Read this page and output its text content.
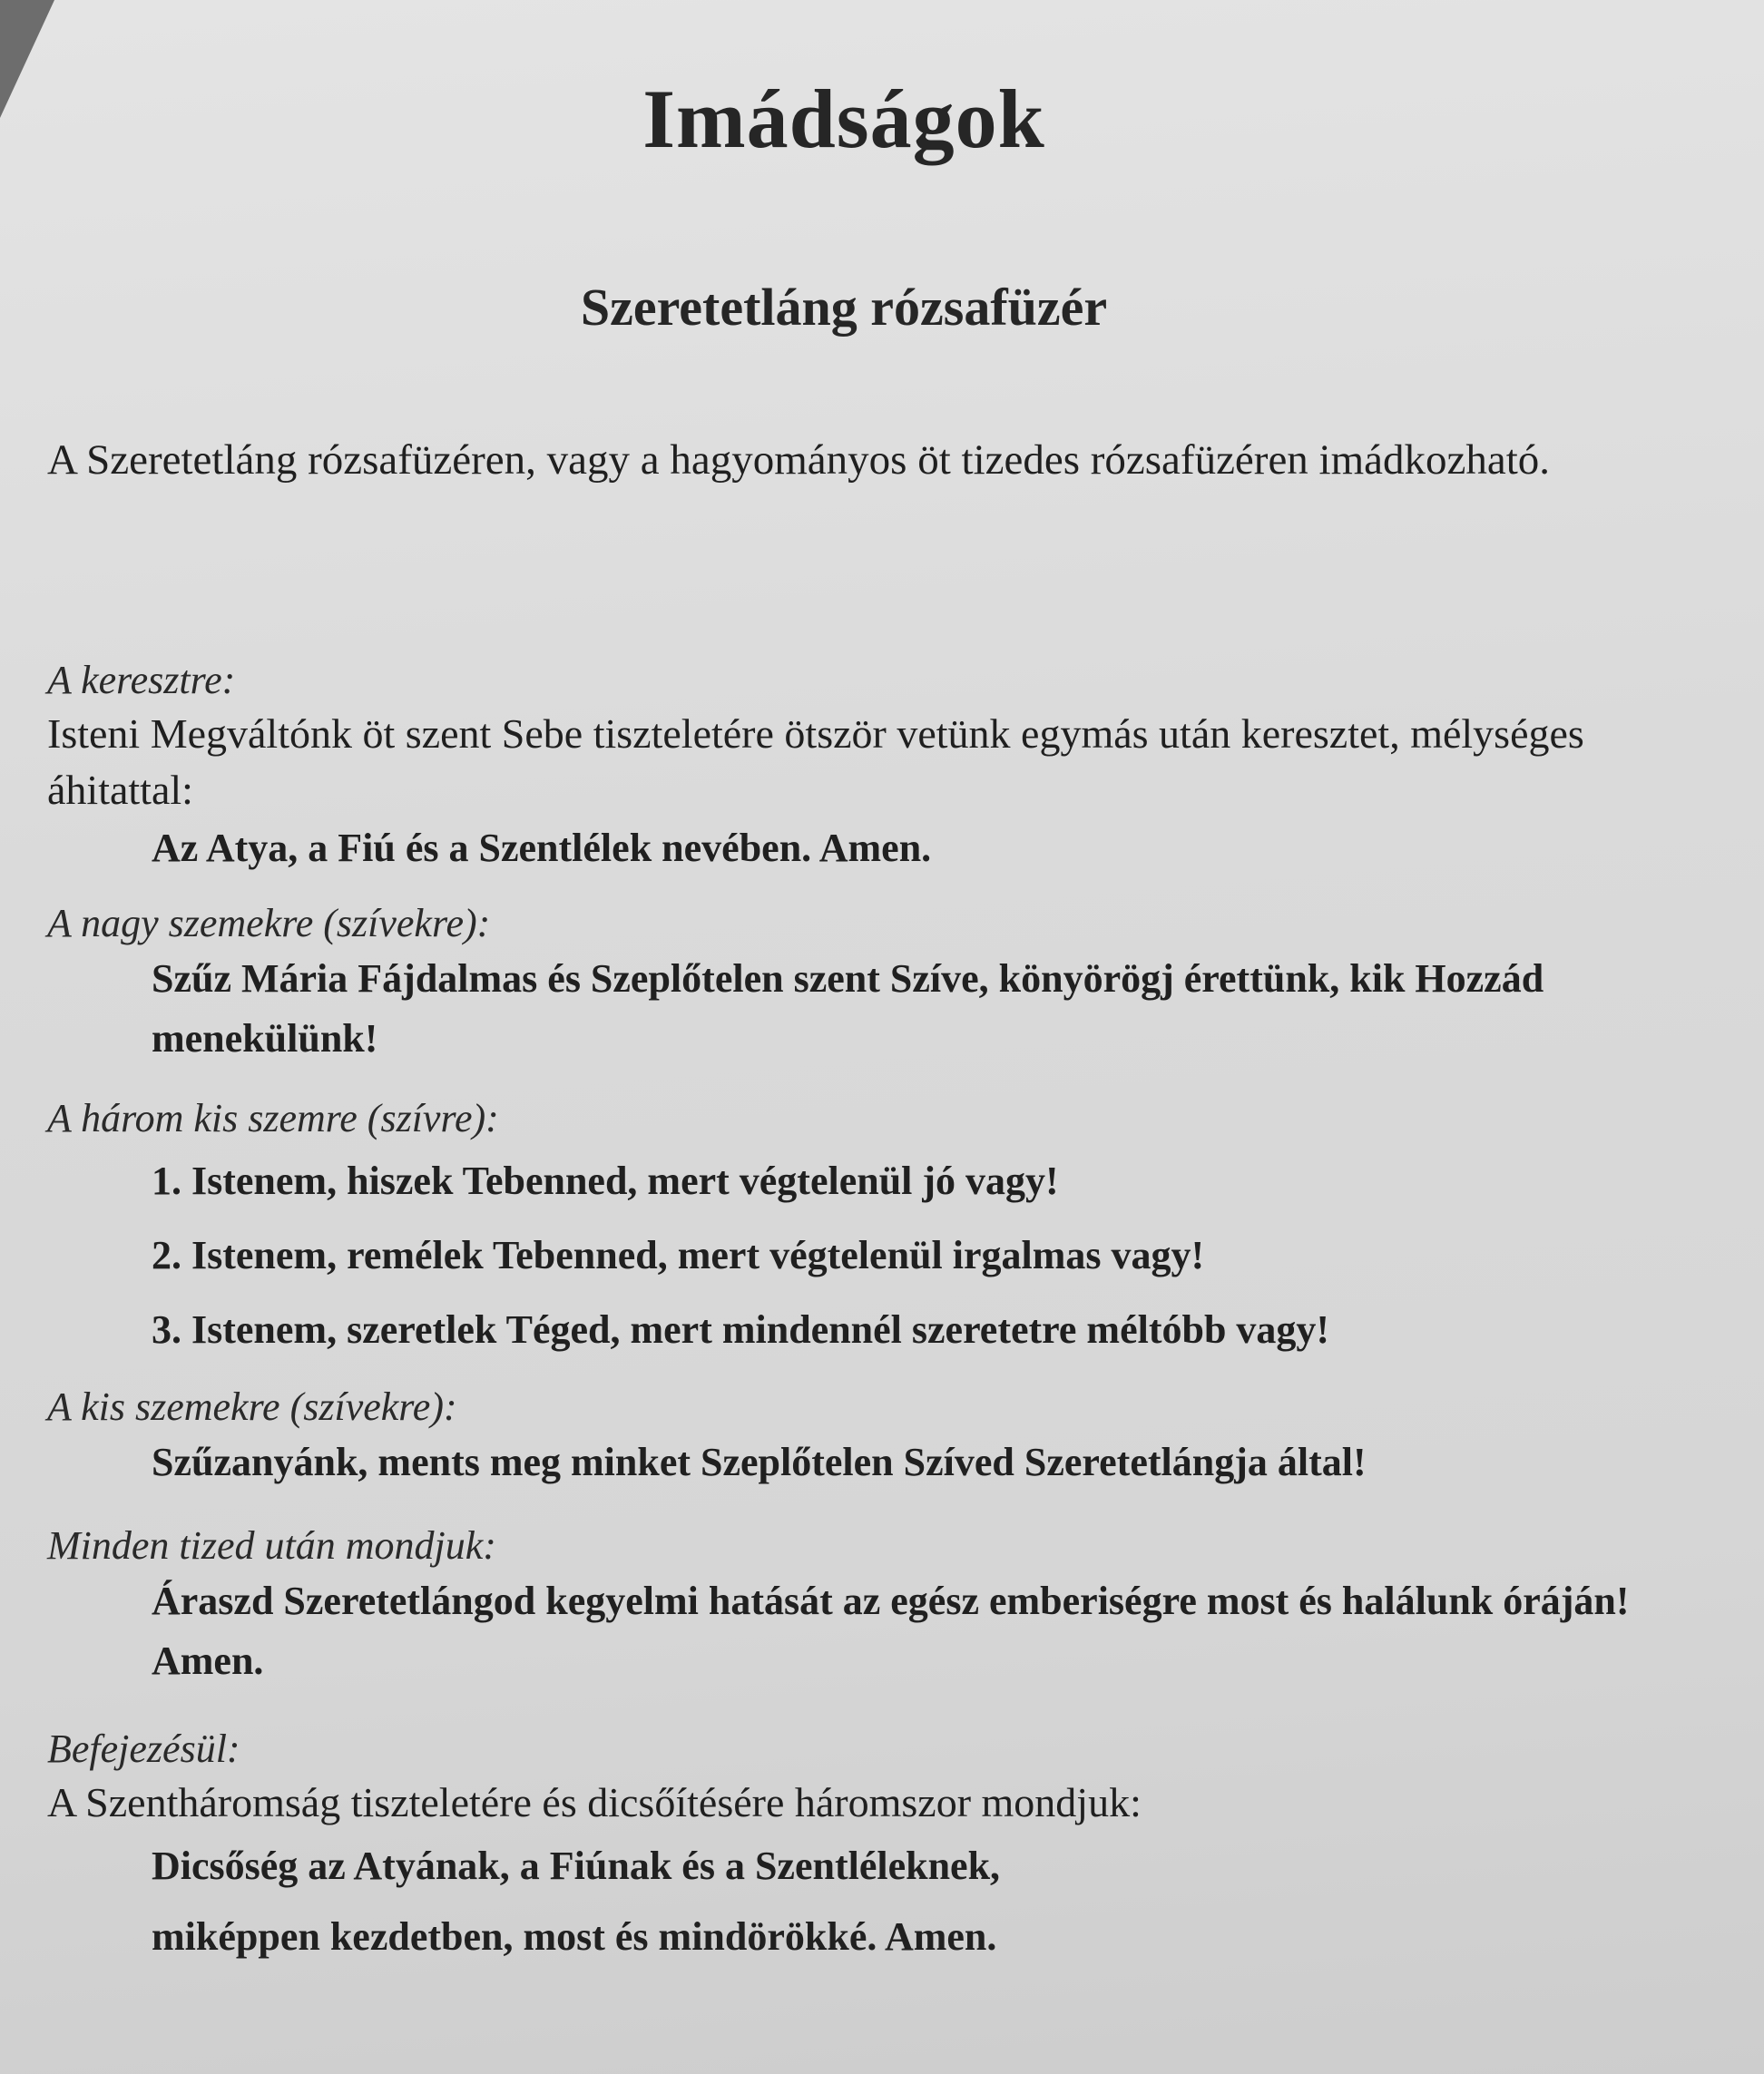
Imádságok
Szeretetláng rózsafüzér
A Szeretetláng rózsafüzéren, vagy a hagyományos öt tizedes rózsafüzéren imádkozható.
A keresztre:
Isteni Megváltónk öt szent Sebe tiszteletére ötször vetünk egymás után keresztet, mélységes áhitattal:
Az Atya, a Fiú és a Szentlélek nevében. Amen.
A nagy szemekre (szívekre):
Szűz Mária Fájdalmas és Szeplőtelen szent Szíve, könyörögj érettünk, kik Hozzád menekülünk!
A három kis szemre (szívre):
1. Istenem, hiszek Tebenned, mert végtelenül jó vagy!
2. Istenem, remélek Tebenned, mert végtelenül irgalmas vagy!
3. Istenem, szeretlek Téged, mert mindennél szeretetre méltóbb vagy!
A kis szemekre (szívekre):
Szűzanyánk, ments meg minket Szeplőtelen Szíved Szeretetlángja által!
Minden tized után mondjuk:
Áraszd Szeretetlángod kegyelmi hatását az egész emberiségre most és halálunk óráján! Amen.
Befejezésül:
A Szentháromság tiszteletére és dicsőítésére háromszor mondjuk:
Dicsőség az Atyának, a Fiúnak és a Szentléleknek,
miképpen kezdetben, most és mindörökké. Amen.
